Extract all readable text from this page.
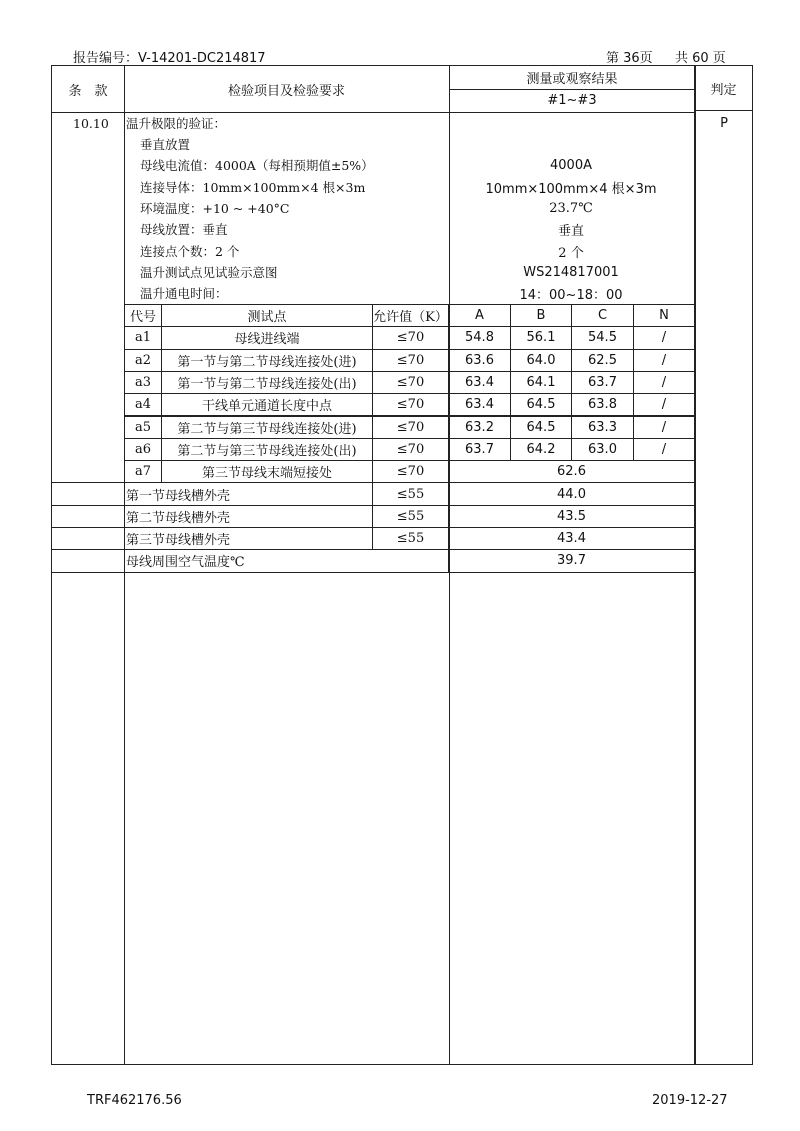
报告编号：V-14201-DC214817	第 36页 共 60 页
条　款	检验项目及检验要求
测量或观察结果
#1~#3
判定
10.10	P
温升极限的验证：
垂直放置
母线电流值：4000A（每相预期值±5%）	4000A
连接导体：10mm×100mm×4 根×3m	10mm×100mm×4 根×3m
环境温度：+10 ~ +40°C	23.7℃
母线放置：垂直	垂直
连接点个数：2 个	2 个
温升测试点见试验示意图	WS214817001
温升通电时间：	14：00~18：00
代号	测试点	允许值（K）	A	B	C	N
a1	母线进线端	≤70	54.8	56.1	54.5	/
a2	第一节与第二节母线连接处(进)	≤70	63.6	64.0	62.5	/
a3	第一节与第二节母线连接处(出)	≤70	63.4	64.1	63.7	/
a4	干线单元通道长度中点	≤70	63.4	64.5	63.8	/
a5	第二节与第三节母线连接处(进)	≤70	63.2	64.5	63.3	/
a6	第二节与第三节母线连接处(出)	≤70	63.7	64.2	63.0	/
a7	第三节母线末端短接处	≤70	62.6
第一节母线槽外壳	≤55	44.0
第二节母线槽外壳	≤55	43.5
第三节母线槽外壳	≤55	43.4
母线周围空气温度℃	39.7
TRF462176.56	2019-12-27
